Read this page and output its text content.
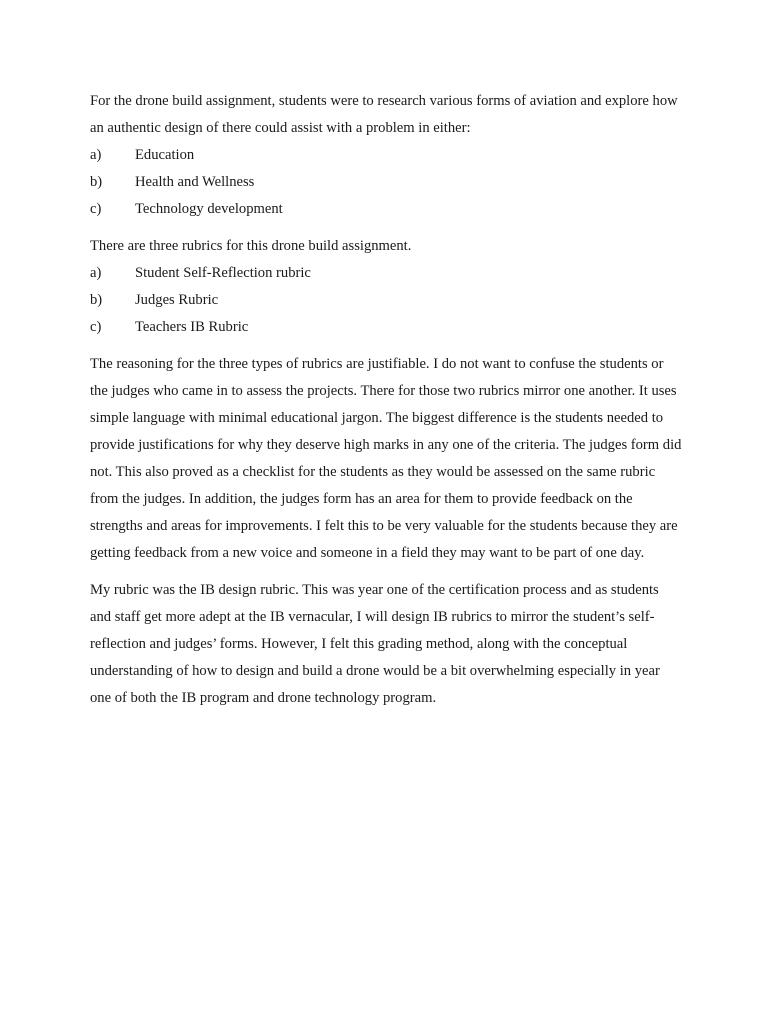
For the drone build assignment, students were to research various forms of aviation and explore how an authentic design of there could assist with a problem in either:

a) Education
b) Health and Wellness
c) Technology development

There are three rubrics for this drone build assignment.

a) Student Self-Reflection rubric
b) Judges Rubric
c) Teachers IB Rubric

The reasoning for the three types of rubrics are justifiable. I do not want to confuse the students or the judges who came in to assess the projects. There for those two rubrics mirror one another. It uses simple language with minimal educational jargon. The biggest difference is the students needed to provide justifications for why they deserve high marks in any one of the criteria. The judges form did not. This also proved as a checklist for the students as they would be assessed on the same rubric from the judges. In addition, the judges form has an area for them to provide feedback on the strengths and areas for improvements. I felt this to be very valuable for the students because they are getting feedback from a new voice and someone in a field they may want to be part of one day.

My rubric was the IB design rubric. This was year one of the certification process and as students and staff get more adept at the IB vernacular, I will design IB rubrics to mirror the student’s self-reflection and judges’ forms. However, I felt this grading method, along with the conceptual understanding of how to design and build a drone would be a bit overwhelming especially in year one of both the IB program and drone technology program.
